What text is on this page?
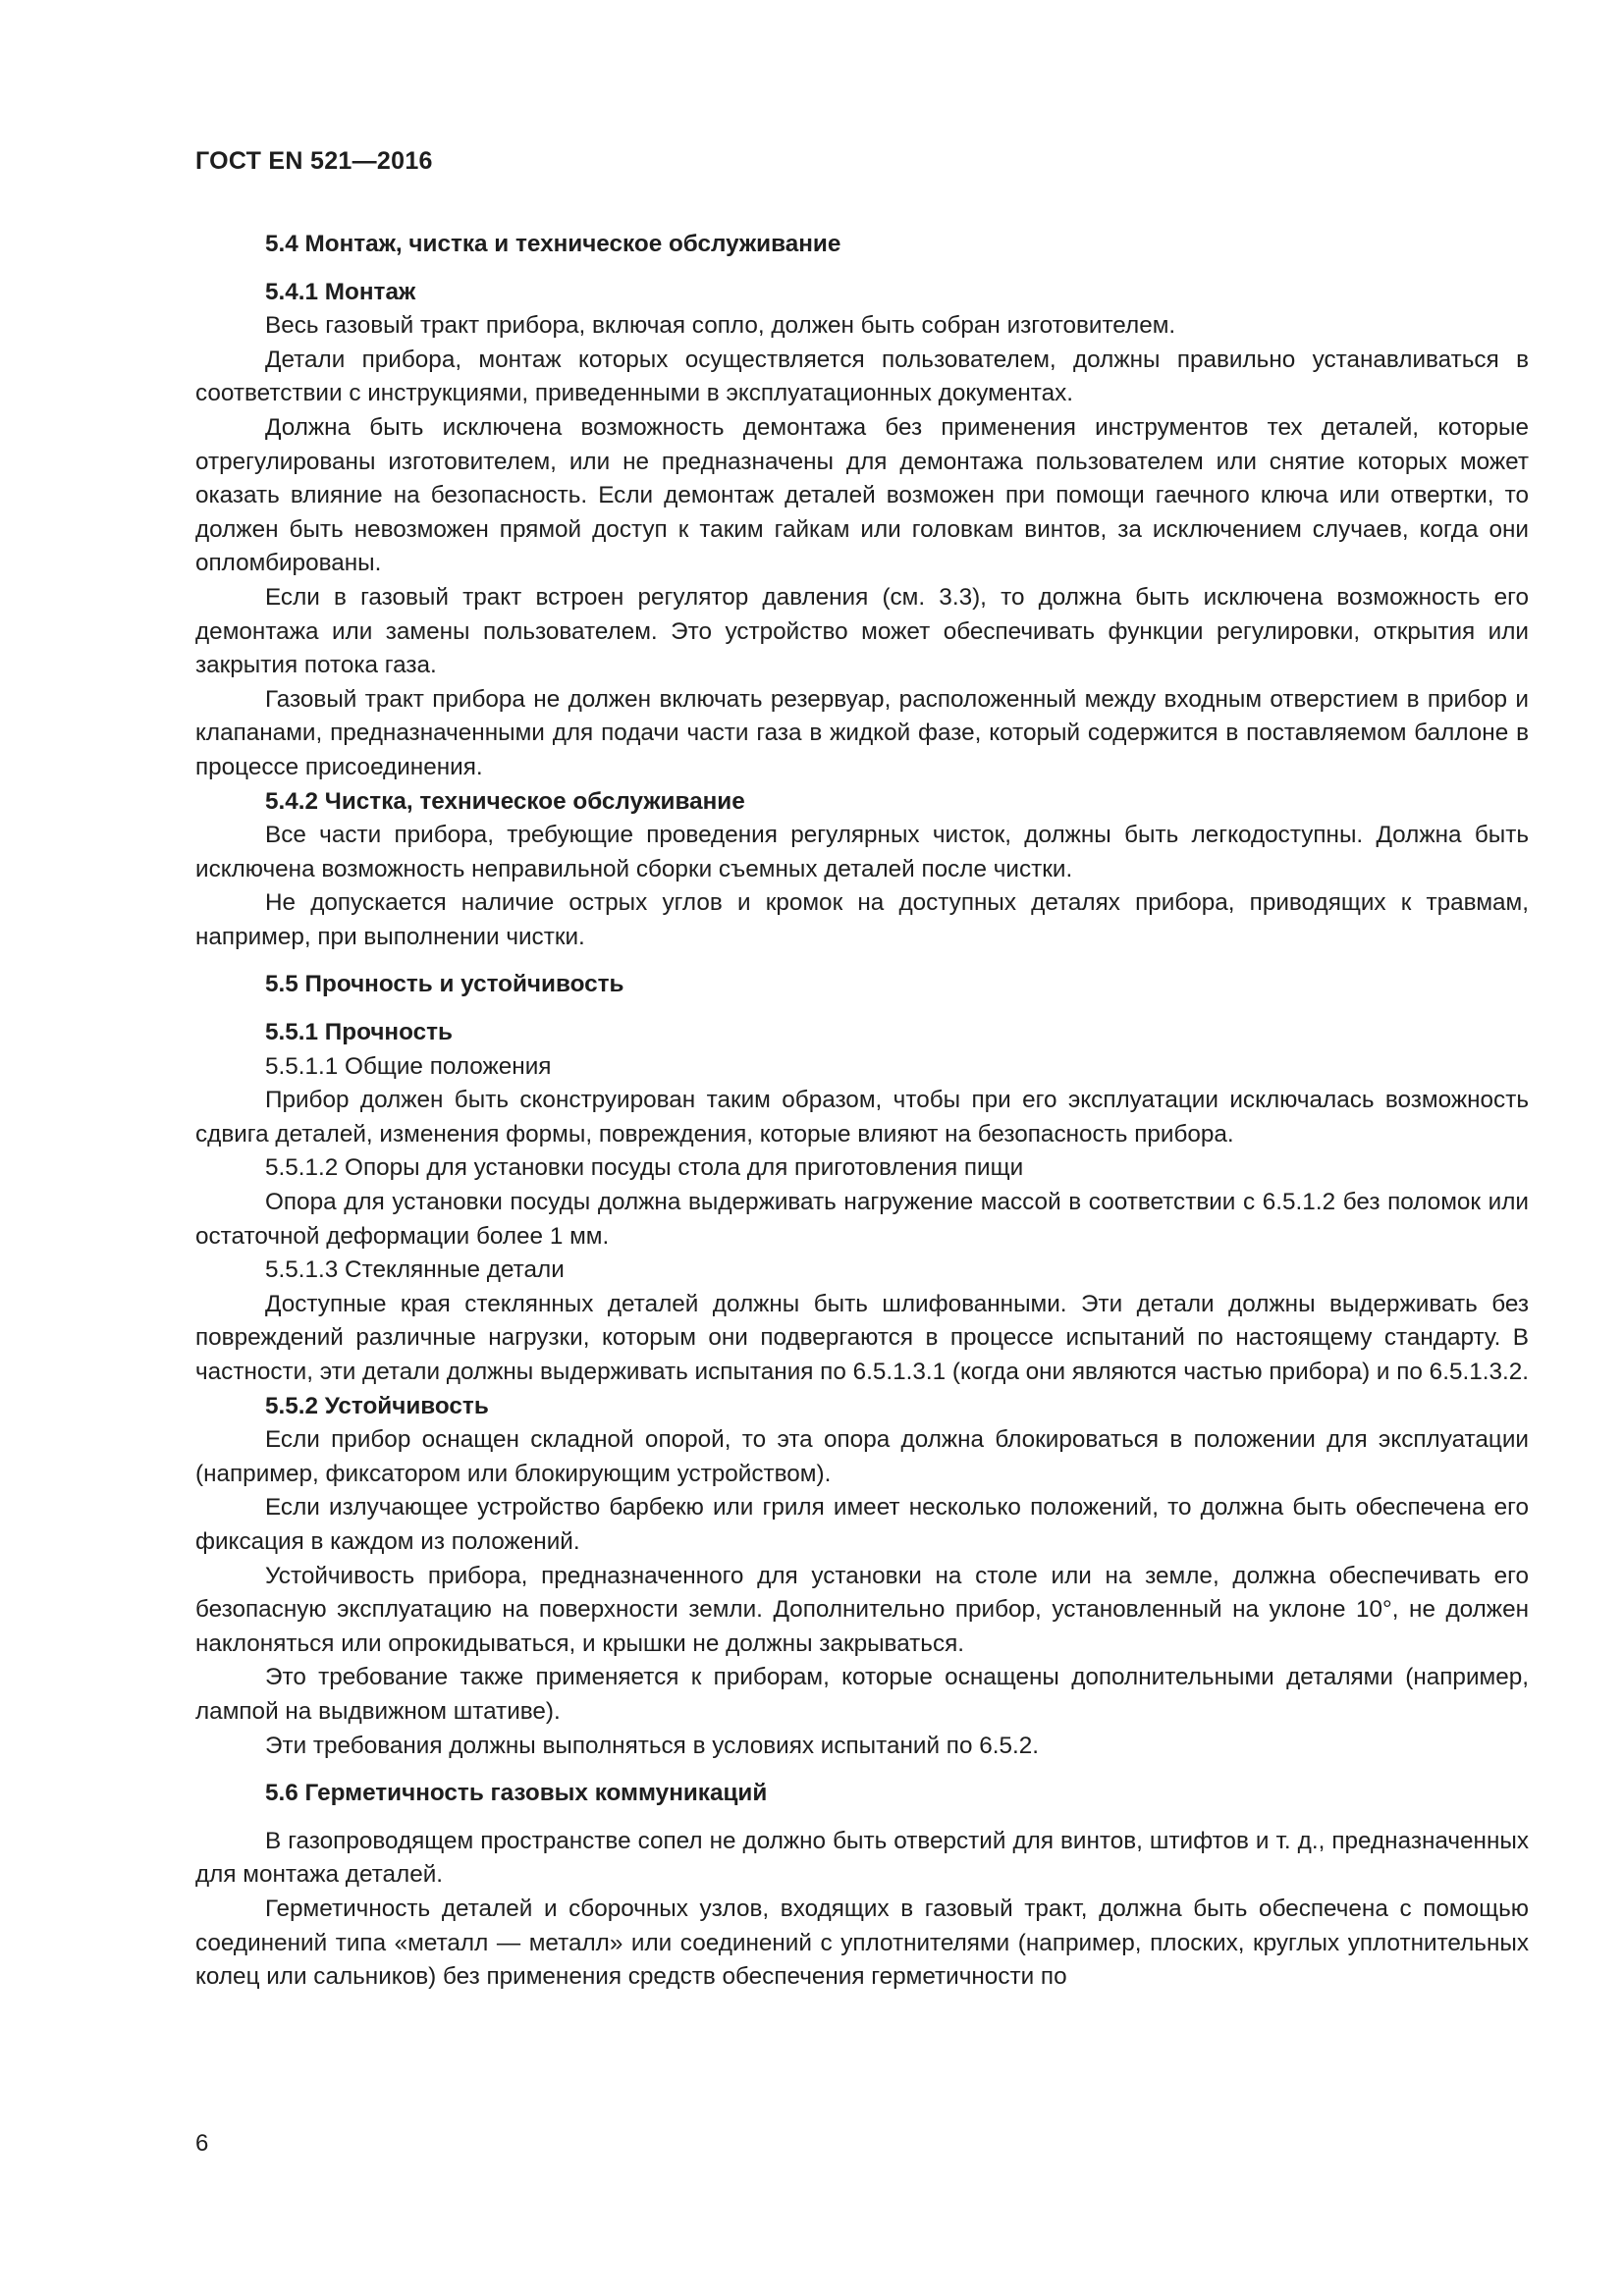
ГОСТ EN 521—2016

5.4 Монтаж, чистка и техническое обслуживание

5.4.1 Монтаж

Весь газовый тракт прибора, включая сопло, должен быть собран изготовителем.

Детали прибора, монтаж которых осуществляется пользователем, должны правильно устанавливаться в соответствии с инструкциями, приведенными в эксплуатационных документах.

Должна быть исключена возможность демонтажа без применения инструментов тех деталей, которые отрегулированы изготовителем, или не предназначены для демонтажа пользователем или снятие которых может оказать влияние на безопасность. Если демонтаж деталей возможен при помощи гаечного ключа или отвертки, то должен быть невозможен прямой доступ к таким гайкам или головкам винтов, за исключением случаев, когда они опломбированы.

Если в газовый тракт встроен регулятор давления (см. 3.3), то должна быть исключена возможность его демонтажа или замены пользователем. Это устройство может обеспечивать функции регулировки, открытия или закрытия потока газа.

Газовый тракт прибора не должен включать резервуар, расположенный между входным отверстием в прибор и клапанами, предназначенными для подачи части газа в жидкой фазе, который содержится в поставляемом баллоне в процессе присоединения.

5.4.2 Чистка, техническое обслуживание

Все части прибора, требующие проведения регулярных чисток, должны быть легкодоступны. Должна быть исключена возможность неправильной сборки съемных деталей после чистки.

Не допускается наличие острых углов и кромок на доступных деталях прибора, приводящих к травмам, например, при выполнении чистки.

5.5 Прочность и устойчивость

5.5.1 Прочность

5.5.1.1 Общие положения

Прибор должен быть сконструирован таким образом, чтобы при его эксплуатации исключалась возможность сдвига деталей, изменения формы, повреждения, которые влияют на безопасность прибора.

5.5.1.2 Опоры для установки посуды стола для приготовления пищи

Опора для установки посуды должна выдерживать нагружение массой в соответствии с 6.5.1.2 без поломок или остаточной деформации более 1 мм.

5.5.1.3 Стеклянные детали

Доступные края стеклянных деталей должны быть шлифованными. Эти детали должны выдерживать без повреждений различные нагрузки, которым они подвергаются в процессе испытаний по настоящему стандарту. В частности, эти детали должны выдерживать испытания по 6.5.1.3.1 (когда они являются частью прибора) и по 6.5.1.3.2.

5.5.2 Устойчивость

Если прибор оснащен складной опорой, то эта опора должна блокироваться в положении для эксплуатации (например, фиксатором или блокирующим устройством).

Если излучающее устройство барбекю или гриля имеет несколько положений, то должна быть обеспечена его фиксация в каждом из положений.

Устойчивость прибора, предназначенного для установки на столе или на земле, должна обеспечивать его безопасную эксплуатацию на поверхности земли. Дополнительно прибор, установленный на уклоне 10°, не должен наклоняться или опрокидываться, и крышки не должны закрываться.

Это требование также применяется к приборам, которые оснащены дополнительными деталями (например, лампой на выдвижном штативе).

Эти требования должны выполняться в условиях испытаний по 6.5.2.

5.6 Герметичность газовых коммуникаций

В газопроводящем пространстве сопел не должно быть отверстий для винтов, штифтов и т. д., предназначенных для монтажа деталей.

Герметичность деталей и сборочных узлов, входящих в газовый тракт, должна быть обеспечена с помощью соединений типа «металл — металл» или соединений с уплотнителями (например, плоских, круглых уплотнительных колец или сальников) без применения средств обеспечения герметичности по

6
